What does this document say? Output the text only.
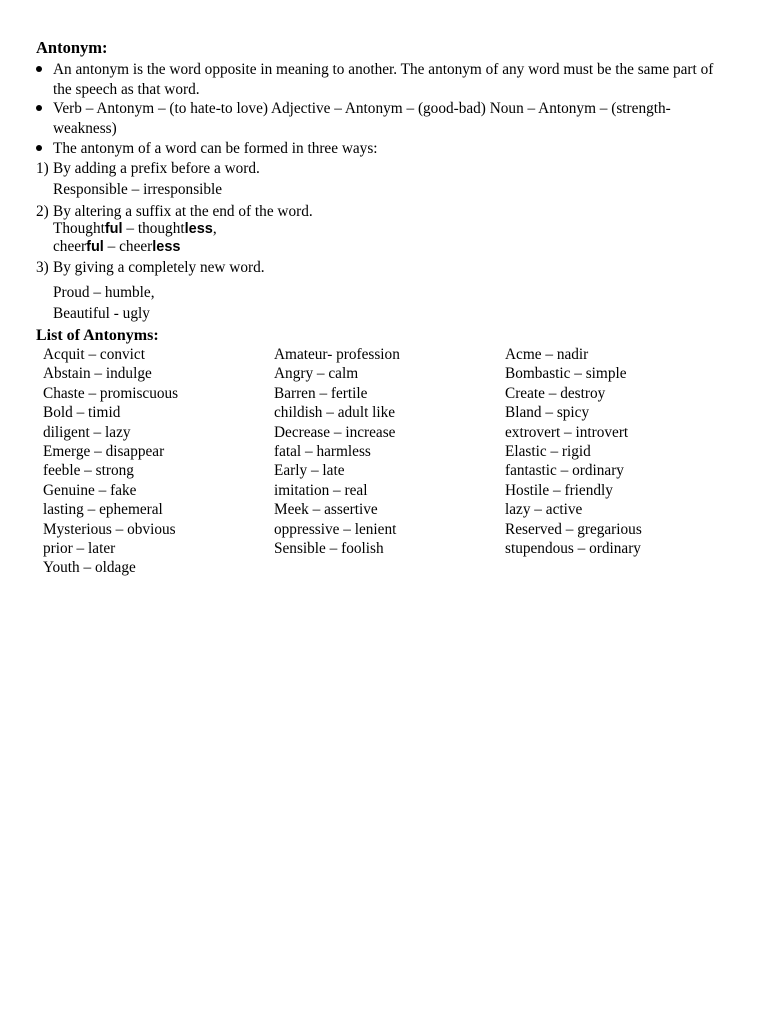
Antonym:
An antonym is the word opposite in meaning to another. The antonym of any word must be the same part of the speech as that word.
Verb – Antonym – (to hate-to love) Adjective – Antonym – (good-bad) Noun – Antonym – (strength-weakness)
The antonym of a word can be formed in three ways:
1) By adding a prefix before a word.
Responsible – irresponsible
2) By altering a suffix at the end of the word.
Thoughtful – thoughtless,
cheerful – cheerless
3) By giving a completely new word.
Proud – humble,
Beautiful - ugly
List of Antonyms:
Acquit – convict
Abstain – indulge
Chaste – promiscuous
Bold – timid
diligent – lazy
Emerge – disappear
feeble – strong
Genuine – fake
lasting – ephemeral
Mysterious – obvious
prior – later
Youth – oldage
Amateur- profession
Angry – calm
Barren – fertile
childish – adult like
Decrease – increase
fatal – harmless
Early – late
imitation – real
Meek – assertive
oppressive – lenient
Sensible – foolish
Acme – nadir
Bombastic – simple
Create – destroy
Bland – spicy
extrovert – introvert
Elastic – rigid
fantastic – ordinary
Hostile – friendly
lazy – active
Reserved – gregarious
stupendous – ordinary
